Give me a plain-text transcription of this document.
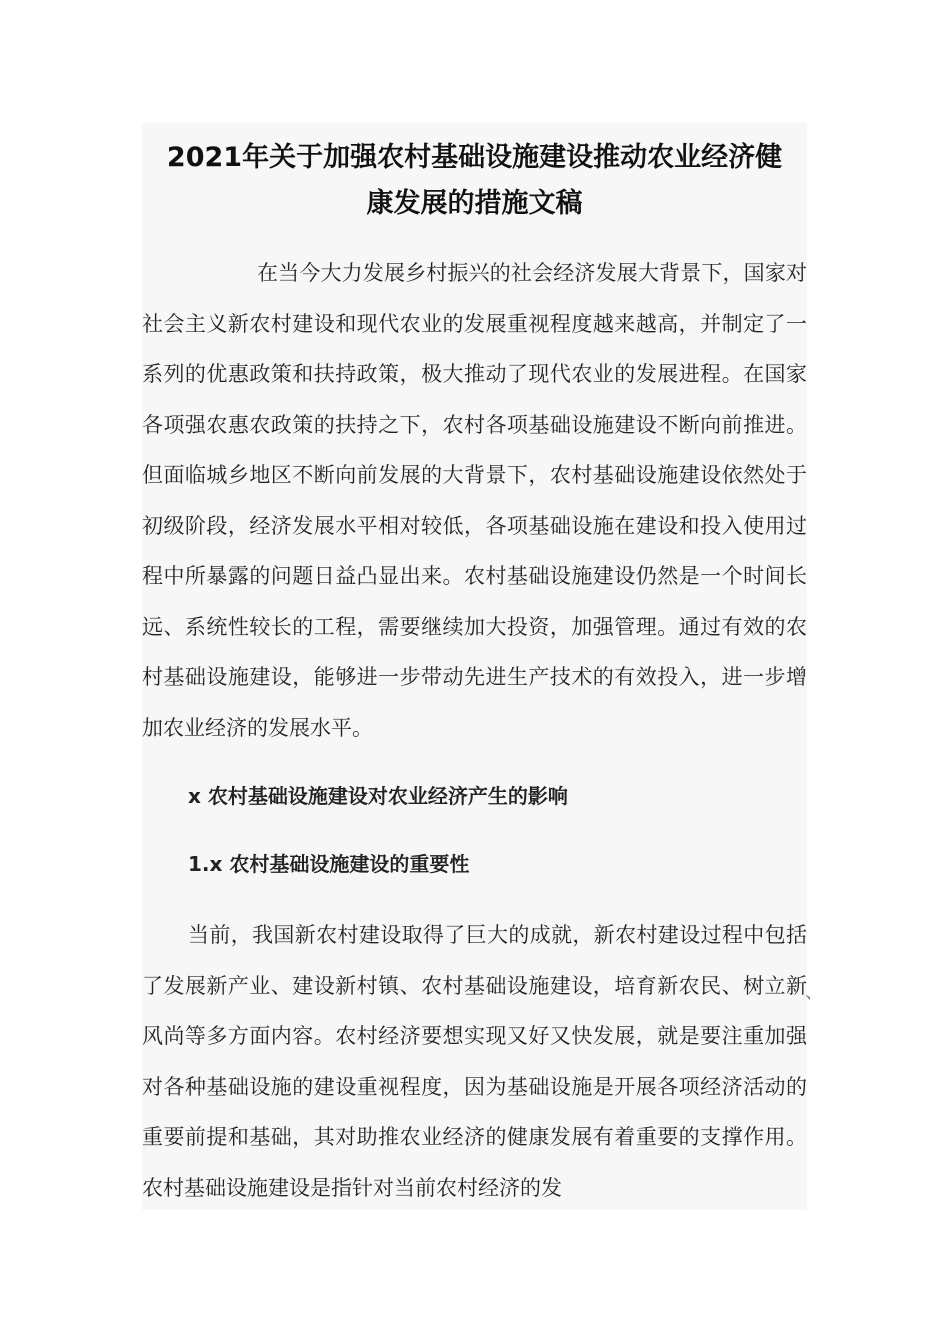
2021年关于加强农村基础设施建设推动农业经济健
康发展的措施文稿

在当今大力发展乡村振兴的社会经济发展大背景下，国家对社会主义新农村建设和现代农业的发展重视程度越来越高，并制定了一系列的优惠政策和扶持政策，极大推动了现代农业的发展进程。在国家各项强农惠农政策的扶持之下，农村各项基础设施建设不断向前推进。但面临城乡地区不断向前发展的大背景下，农村基础设施建设依然处于初级阶段，经济发展水平相对较低，各项基础设施在建设和投入使用过程中所暴露的问题日益凸显出来。农村基础设施建设仍然是一个时间长远、系统性较长的工程，需要继续加大投资，加强管理。通过有效的农村基础设施建设，能够进一步带动先进生产技术的有效投入，进一步增加农业经济的发展水平。

x 农村基础设施建设对农业经济产生的影响
1.x 农村基础设施建设的重要性

当前，我国新农村建设取得了巨大的成就，新农村建设过程中包括了发展新产业、建设新村镇、农村基础设施建设，培育新农民、树立新风尚等多方面内容。农村经济要想实现又好又快发展，就是要注重加强对各种基础设施的建设重视程度，因为基础设施是开展各项经济活动的重要前提和基础，其对助推农业经济的健康发展有着重要的支撑作用。农村基础设施建设是指针对当前农村经济的发

、
